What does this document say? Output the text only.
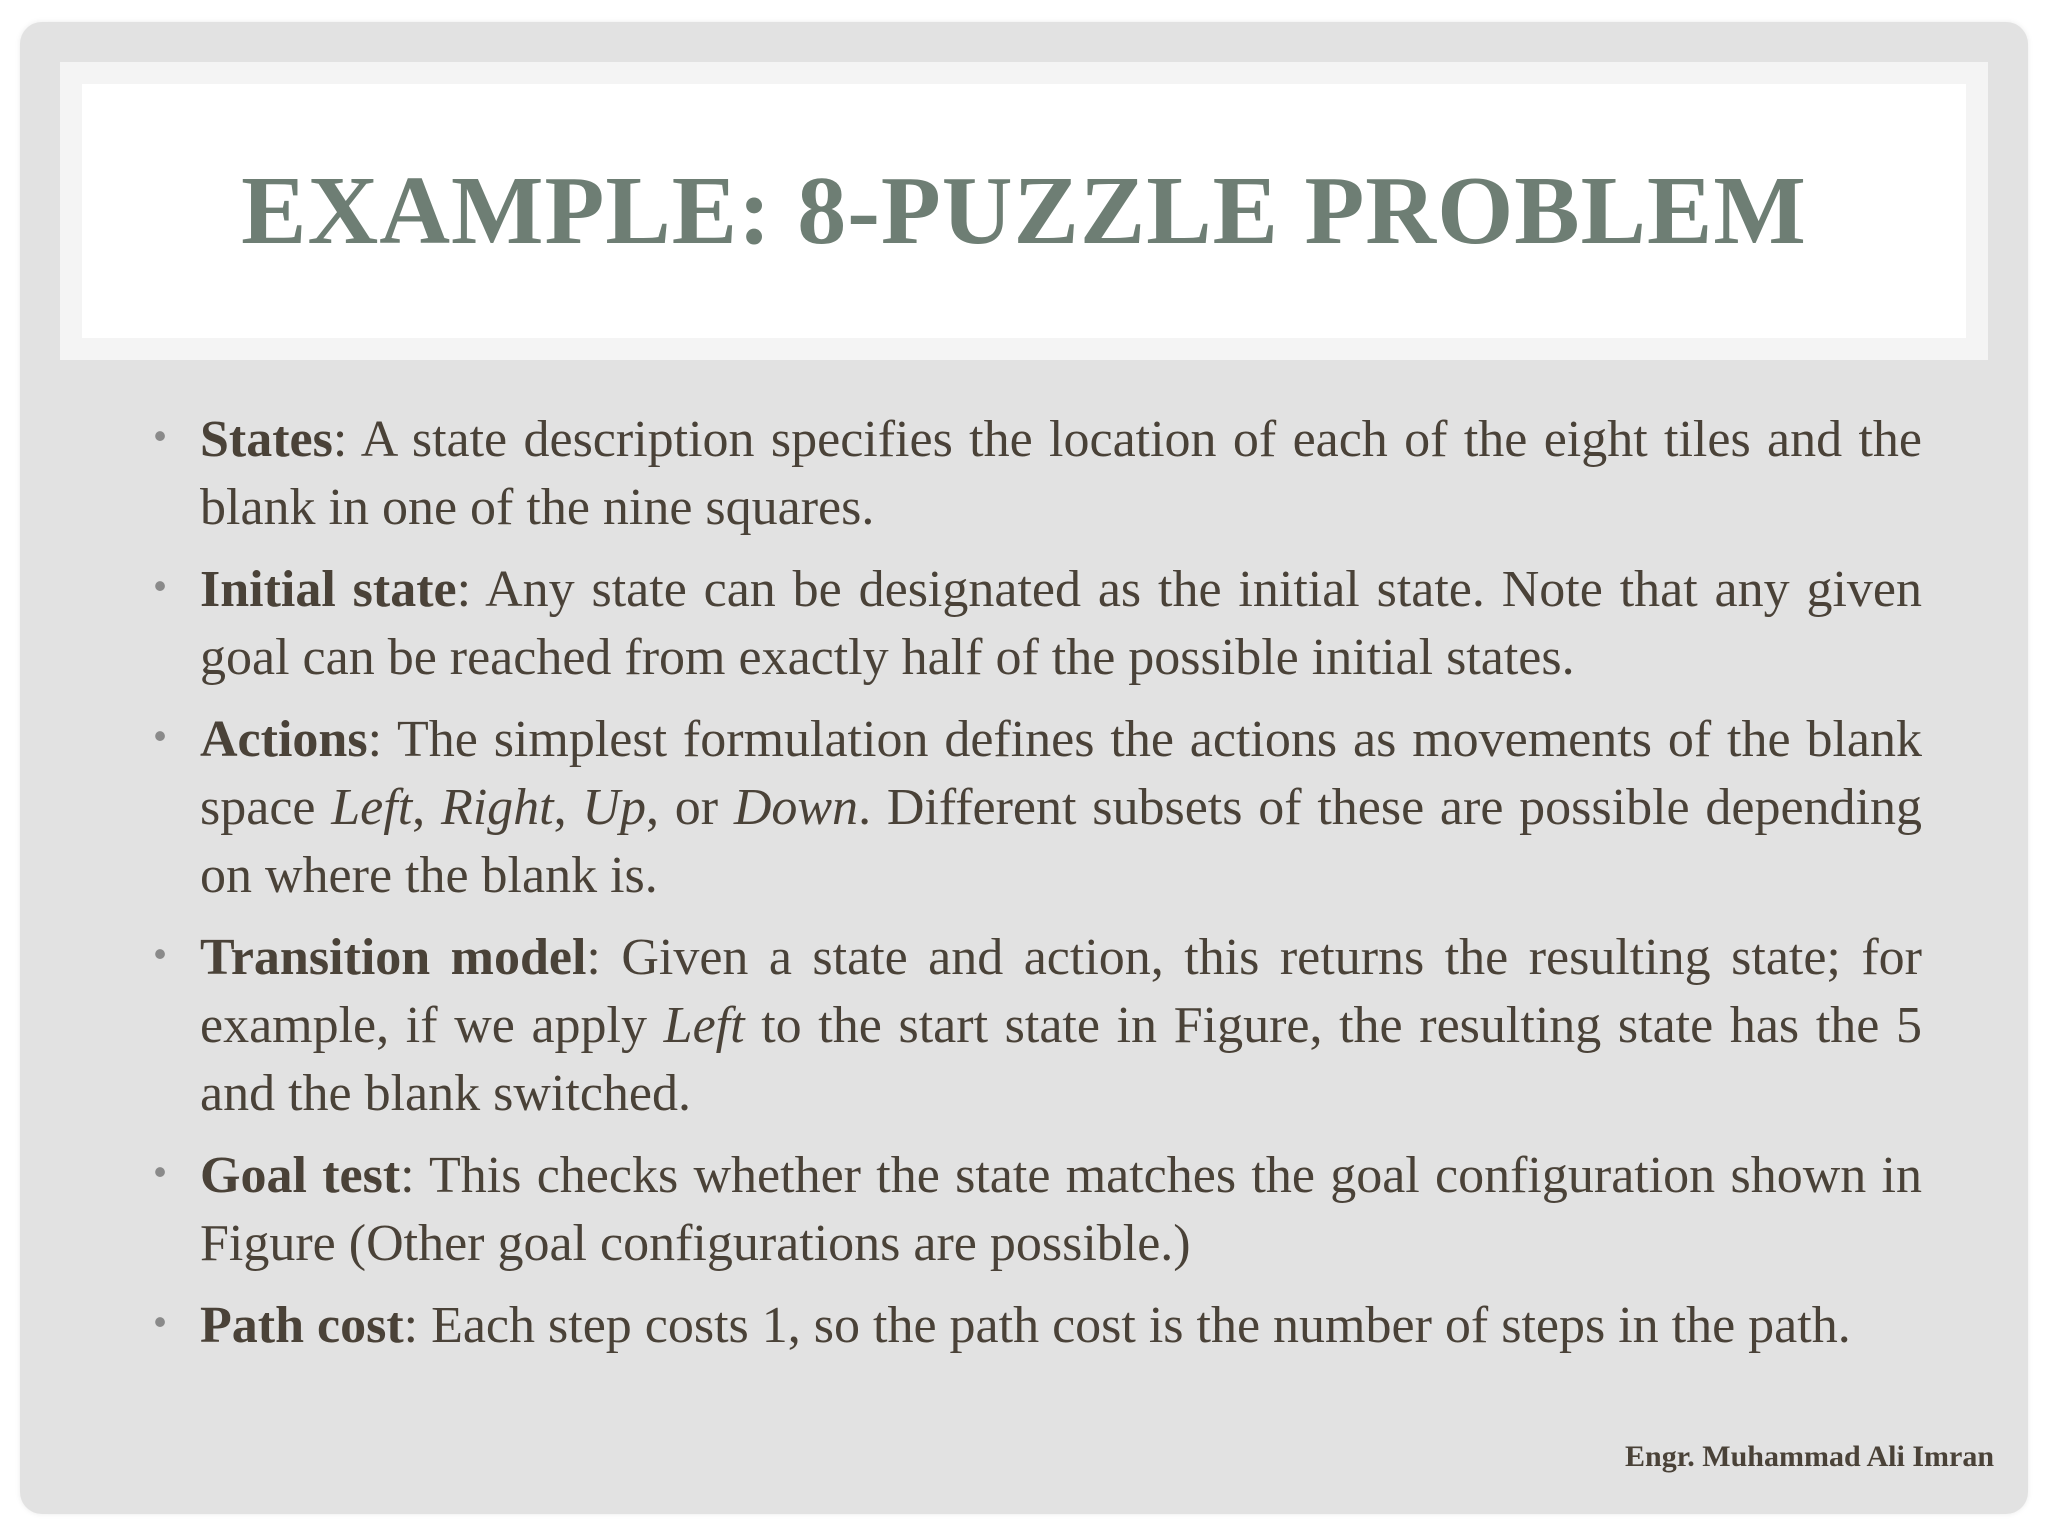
EXAMPLE: 8-PUZZLE PROBLEM
• States: A state description specifies the location of each of the eight tiles and the blank in one of the nine squares.
• Initial state: Any state can be designated as the initial state. Note that any given goal can be reached from exactly half of the possible initial states.
• Actions: The simplest formulation defines the actions as movements of the blank space Left, Right, Up, or Down. Different subsets of these are possible depending on where the blank is.
• Transition model: Given a state and action, this returns the resulting state; for example, if we apply Left to the start state in Figure, the resulting state has the 5 and the blank switched.
• Goal test: This checks whether the state matches the goal configuration shown in Figure (Other goal configurations are possible.)
• Path cost: Each step costs 1, so the path cost is the number of steps in the path.
Engr. Muhammad Ali Imran
